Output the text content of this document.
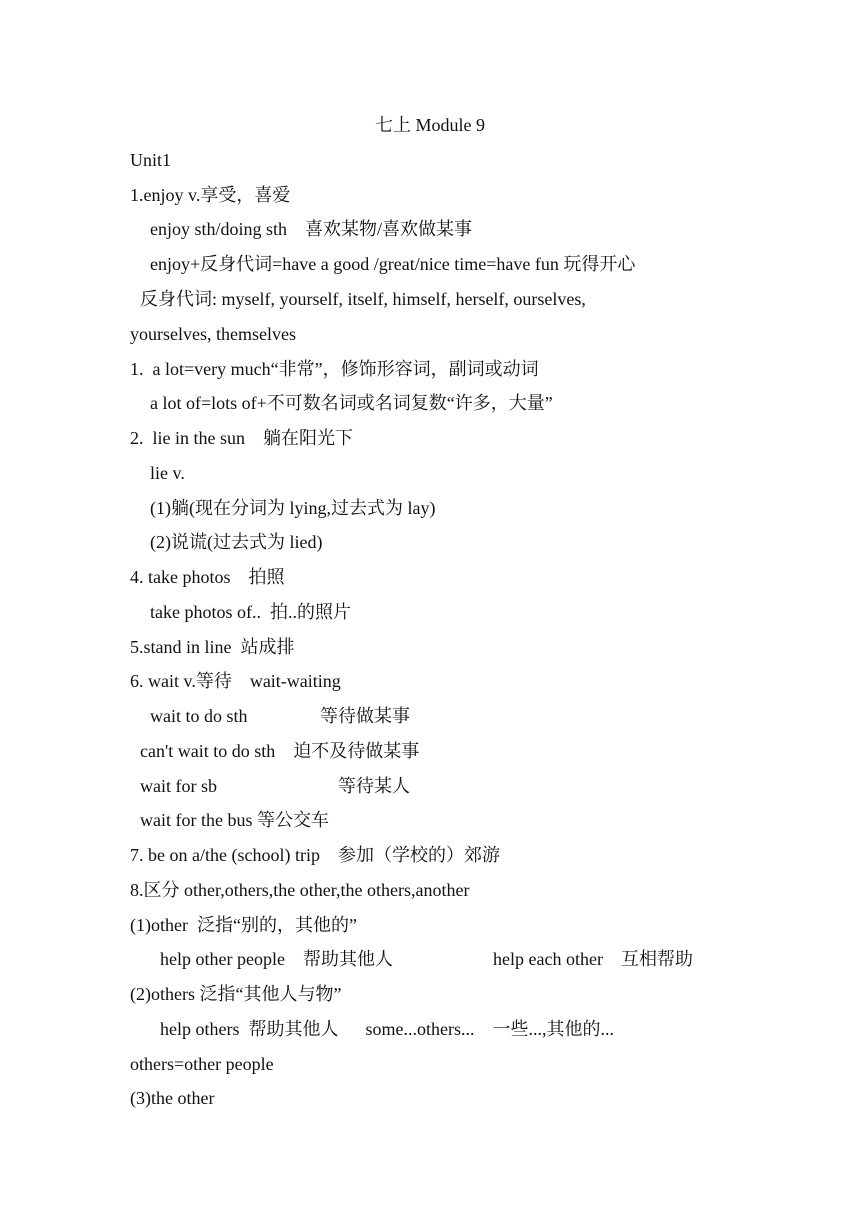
七上 Module 9
Unit1
1.enjoy v.享受，喜爱
enjoy sth/doing sth    喜欢某物/喜欢做某事
enjoy+反身代词=have a good /great/nice time=have fun 玩得开心
反身代词: myself, yourself, itself, himself, herself, ourselves,
yourselves, themselves
1.  a lot=very much“非常”，修饰形容词，副词或动词
a lot of=lots of+不可数名词或名词复数“许多，大量”
2.  lie in the sun    躺在阳光下
lie v.
(1)躺(现在分词为 lying,过去式为 lay)
(2)说谎(过去式为 lied)
4. take photos    拍照
take photos of..  拍..的照片
5.stand in line  站成排
6. wait v.等待    wait-waiting
wait to do sth	等待做某事
can't wait to do sth    迫不及待做某事
wait for sb	等待某人
wait for the bus 等公交车
7. be on a/the (school) trip    参加（学校的）郊游
8.区分 other,others,the other,the others,another
(1)other  泛指“别的，其他的”
help other people    帮助其他人	help each other    互相帮助
(2)others 泛指“其他人与物”
help others  帮助其他人      some...others...    一些...,其他的...
others=other people
(3)the other
